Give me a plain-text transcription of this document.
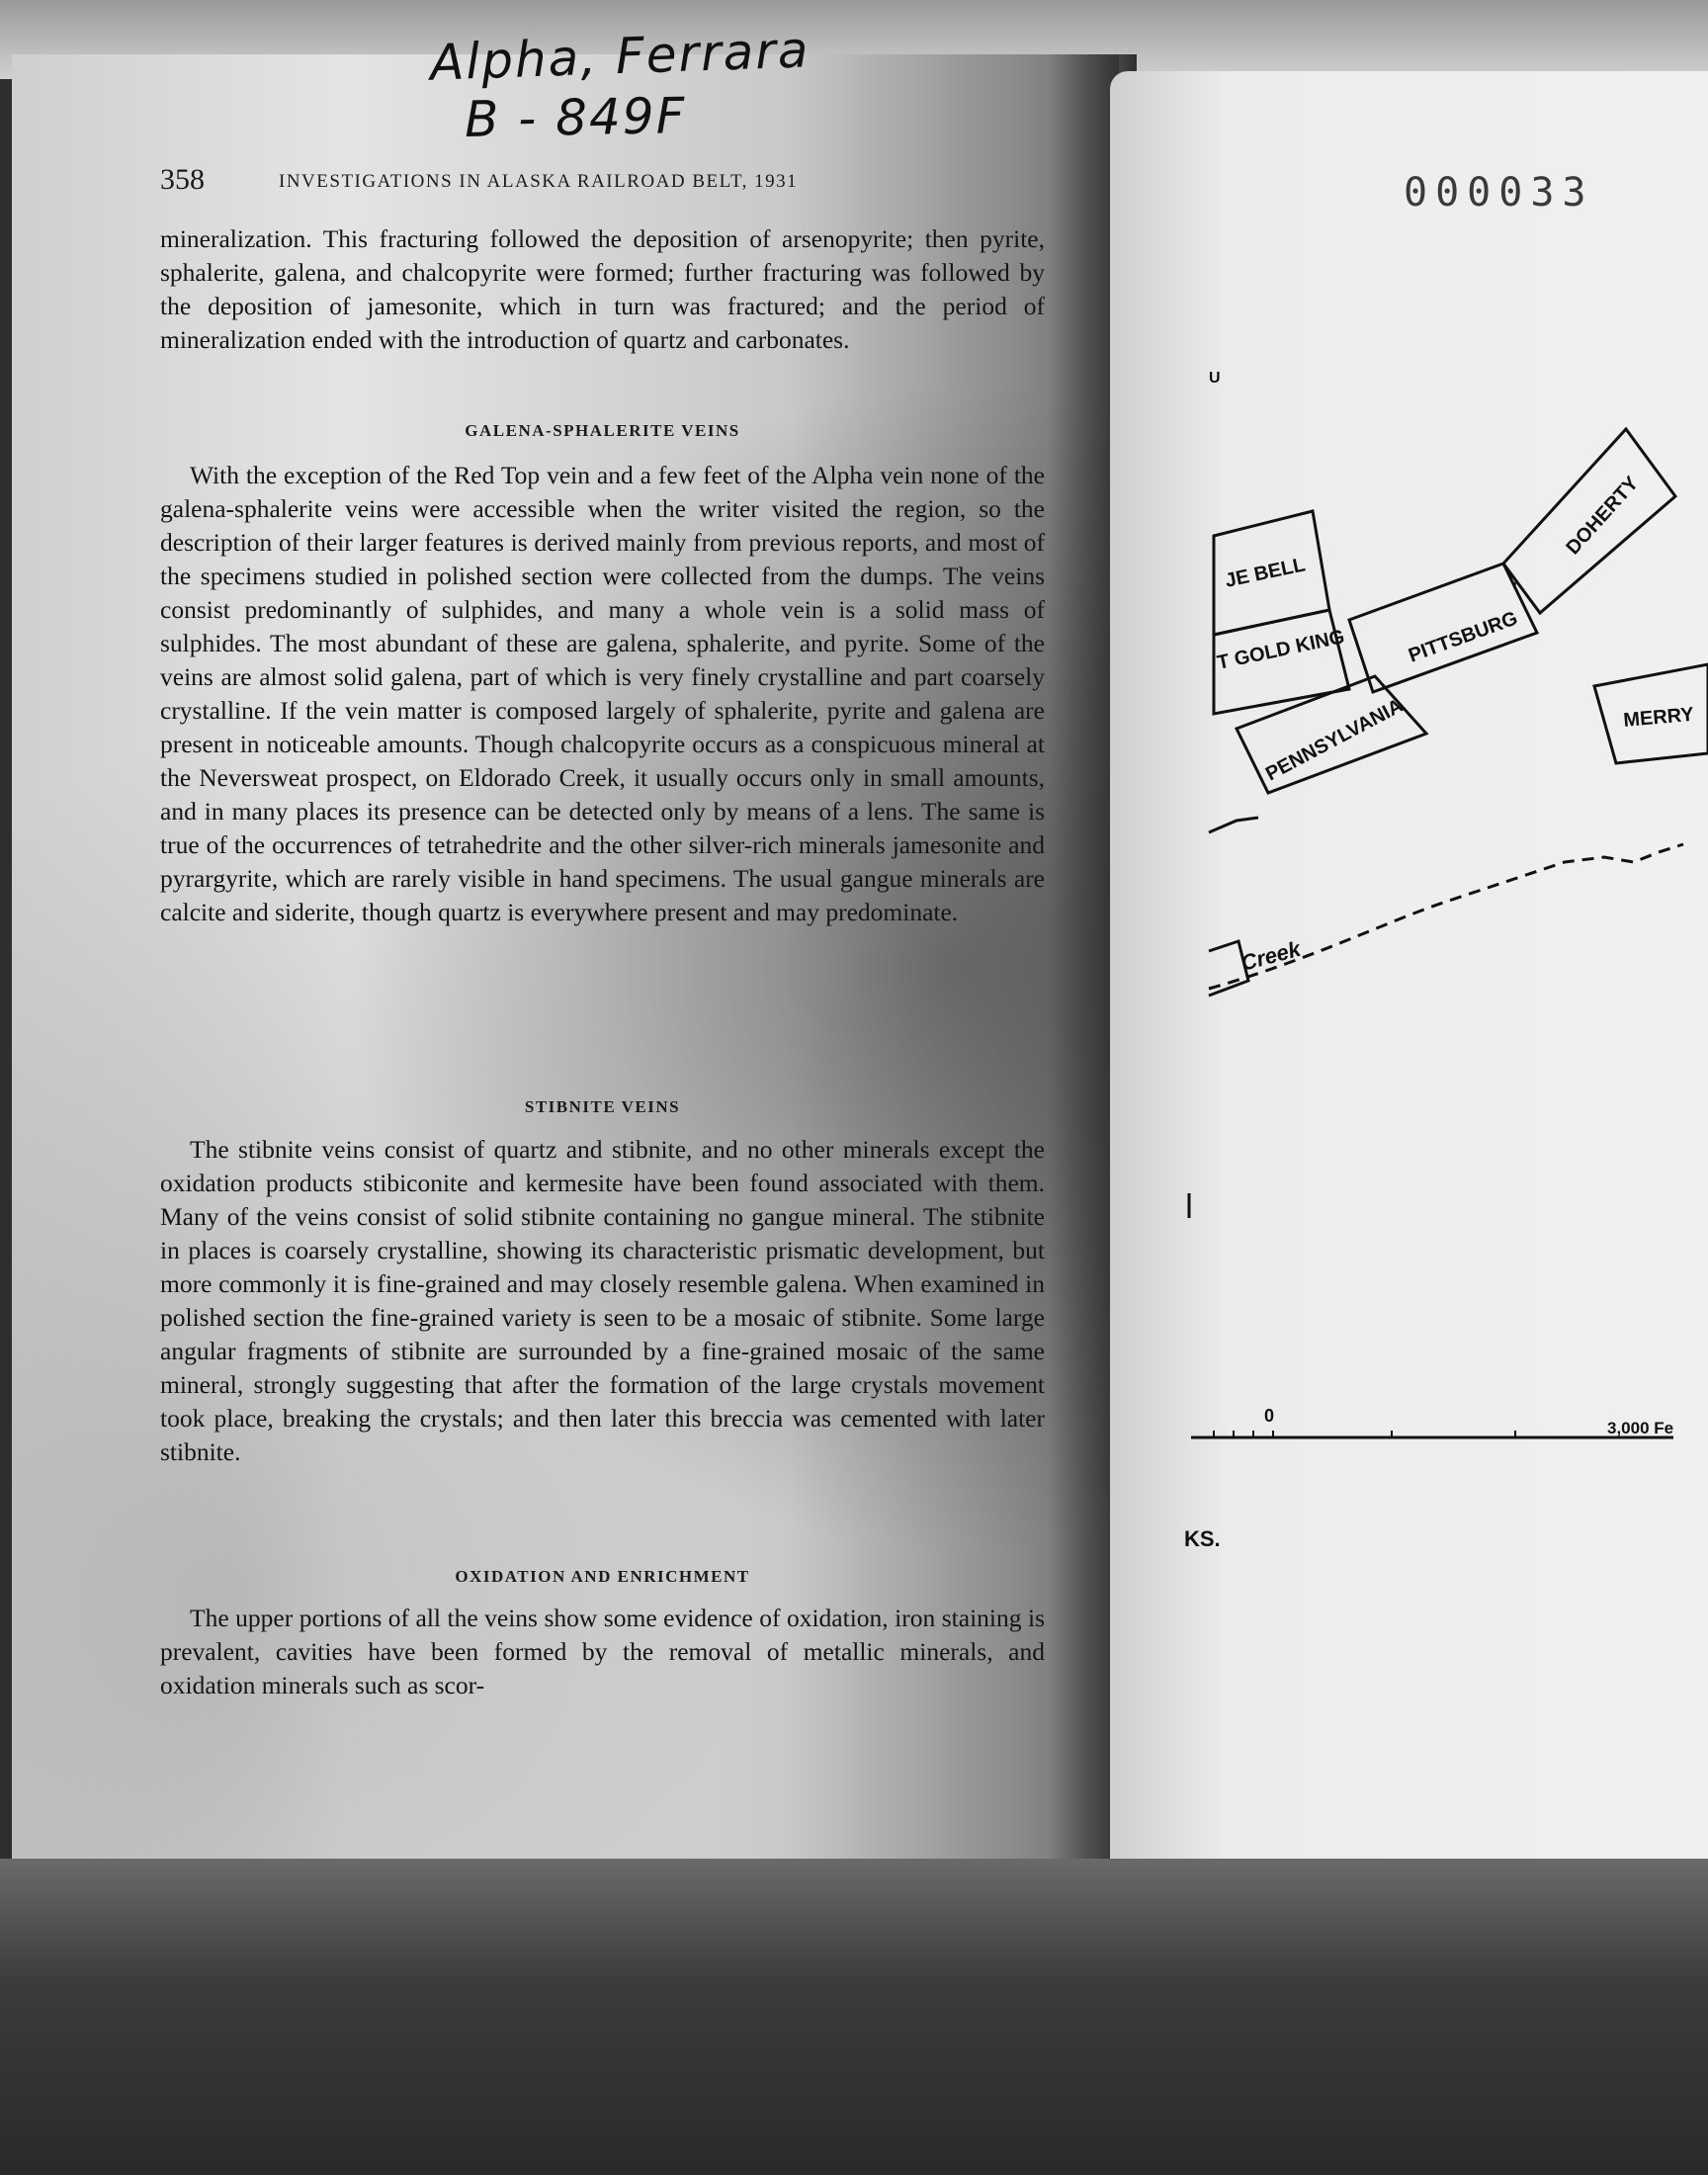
Alpha, Ferrara
B - 849F
358	INVESTIGATIONS IN ALASKA RAILROAD BELT, 1931

mineralization. This fracturing followed the deposition of arsenopyrite; then pyrite, sphalerite, galena, and chalcopyrite were formed; further fracturing was followed by the deposition of jamesonite, which in turn was fractured; and the period of mineralization ended with the introduction of quartz and carbonates.

GALENA-SPHALERITE VEINS

With the exception of the Red Top vein and a few feet of the Alpha vein none of the galena-sphalerite veins were accessible when the writer visited the region, so the description of their larger features is derived mainly from previous reports, and most of the specimens studied in polished section were collected from the dumps. The veins consist predominantly of sulphides, and many a whole vein is a solid mass of sulphides. The most abundant of these are galena, sphalerite, and pyrite. Some of the veins are almost solid galena, part of which is very finely crystalline and part coarsely crystalline. If the vein matter is composed largely of sphalerite, pyrite and galena are present in noticeable amounts. Though chalcopyrite occurs as a conspicuous mineral at the Neversweat prospect, on Eldorado Creek, it usually occurs only in small amounts, and in many places its presence can be detected only by means of a lens. The same is true of the occurrences of tetrahedrite and the other silver-rich minerals jamesonite and pyrargyrite, which are rarely visible in hand specimens. The usual gangue minerals are calcite and siderite, though quartz is everywhere present and may predominate.

STIBNITE VEINS

The stibnite veins consist of quartz and stibnite, and no other minerals except the oxidation products stibiconite and kermesite have been found associated with them. Many of the veins consist of solid stibnite containing no gangue mineral. The stibnite in places is coarsely crystalline, showing its characteristic prismatic development, but more commonly it is fine-grained and may closely resemble galena. When examined in polished section the fine-grained variety is seen to be a mosaic of stibnite. Some large angular fragments of stibnite are surrounded by a fine-grained mosaic of the same mineral, strongly suggesting that after the formation of the large crystals movement took place, breaking the crystals; and then later this breccia was cemented with later stibnite.

OXIDATION AND ENRICHMENT

The upper portions of all the veins show some evidence of oxidation, iron staining is prevalent, cavities have been formed by the removal of metallic minerals, and oxidation minerals such as scor-

000033
U
JE BELL
T GOLD KING	PITTSBURG
DOHERTY
PENNSYLVANIA	MERRY
Creek
0
3,000 Fe
KS.
